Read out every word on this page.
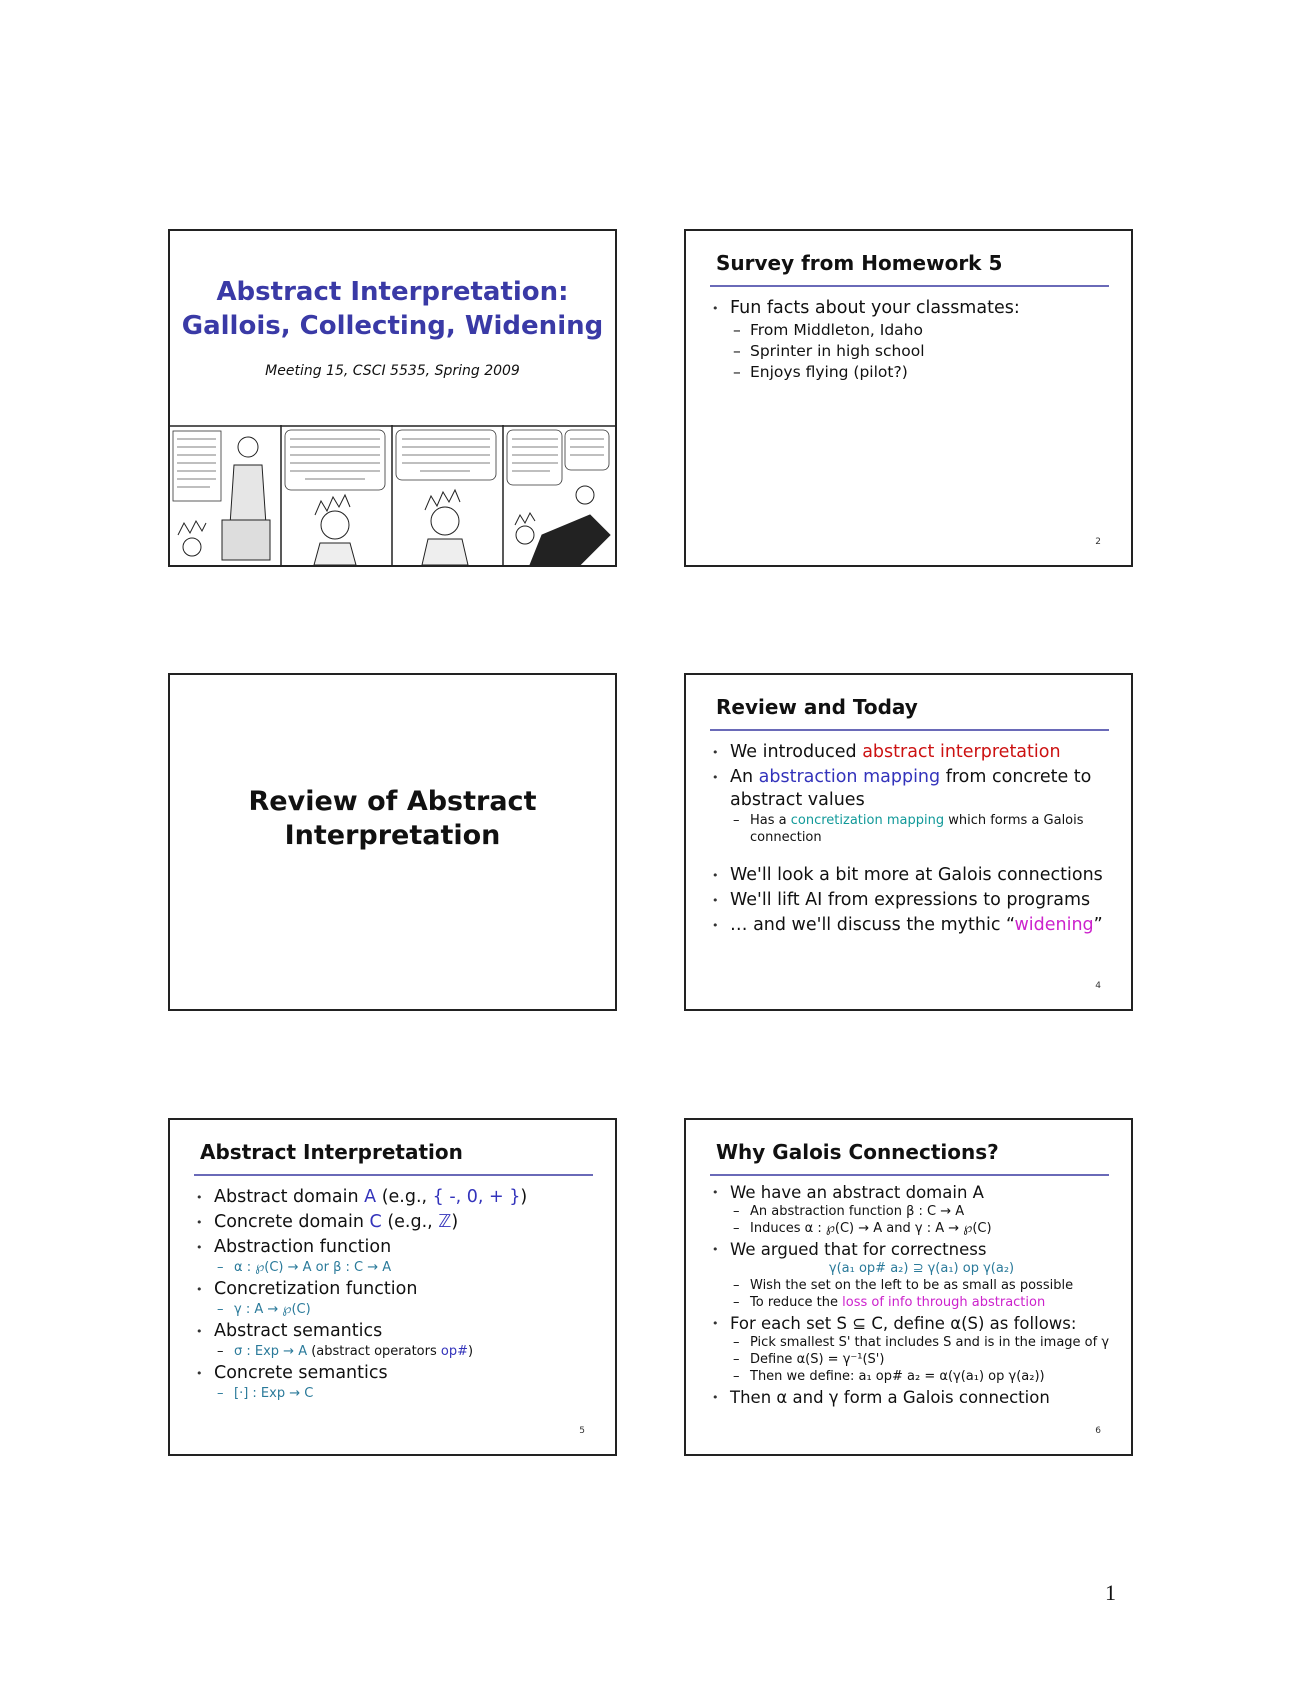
Abstract Interpretation:
Gallois, Collecting, Widening
Meeting 15, CSCI 5535, Spring 2009
Survey from Homework 5
• Fun facts about your classmates:
– From Middleton, Idaho
– Sprinter in high school
– Enjoys flying (pilot?)
2
Review of Abstract
Interpretation
Review and Today
• We introduced abstract interpretation
• An abstraction mapping from concrete to abstract values
– Has a concretization mapping which forms a Galois connection
• We'll look a bit more at Galois connections
• We'll lift AI from expressions to programs
• … and we'll discuss the mythic “widening”
4
Abstract Interpretation
• Abstract domain A (e.g., { -, 0, + })
• Concrete domain C (e.g., ℤ)
• Abstraction function
– α : ℘(C) → A or β : C → A
• Concretization function
– γ : A → ℘(C)
• Abstract semantics
– σ : Exp → A (abstract operators op#)
• Concrete semantics
– [·] : Exp → C
5
Why Galois Connections?
• We have an abstract domain A
– An abstraction function β : C → A
– Induces α : ℘(C) → A and γ : A → ℘(C)
• We argued that for correctness
γ(a₁ op# a₂) ⊇ γ(a₁) op γ(a₂)
– Wish the set on the left to be as small as possible
– To reduce the loss of info through abstraction
• For each set S ⊆ C, define α(S) as follows:
– Pick smallest S' that includes S and is in the image of γ
– Define α(S) = γ⁻¹(S')
– Then we define: a₁ op# a₂ = α(γ(a₁) op γ(a₂))
• Then α and γ form a Galois connection
6
1
